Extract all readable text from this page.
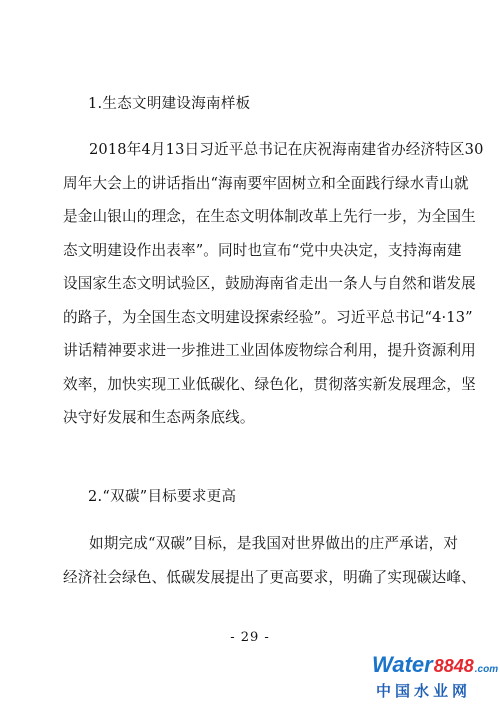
1.生态文明建设海南样板
2018年4月13日习近平总书记在庆祝海南建省办经济特区30
周年大会上的讲话指出“海南要牢固树立和全面践行绿水青山就
是金山银山的理念，在生态文明体制改革上先行一步，为全国生
态文明建设作出表率”。同时也宣布“党中央决定，支持海南建
设国家生态文明试验区，鼓励海南省走出一条人与自然和谐发展
的路子，为全国生态文明建设探索经验”。习近平总书记“4·13”
讲话精神要求进一步推进工业固体废物综合利用，提升资源利用
效率，加快实现工业低碳化、绿色化，贯彻落实新发展理念，坚
决守好发展和生态两条底线。
2.“双碳”目标要求更高
如期完成“双碳”目标，是我国对世界做出的庄严承诺，对
经济社会绿色、低碳发展提出了更高要求，明确了实现碳达峰、
- 29 -
Water8848.com
中国水业网
